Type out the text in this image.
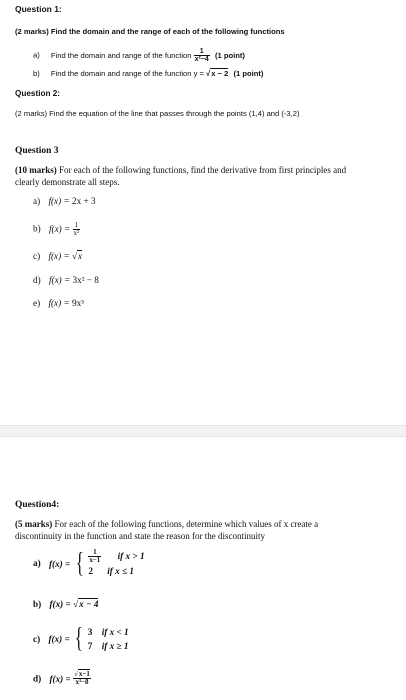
Question 1:
(2 marks) Find the domain and the range of each of the following functions
a) Find the domain and range of the function $\frac{1}{\text{x²−4}} (1$ point)
b) Find the domain and range of the function y = √x − 2 (1 point)
Question 2:
(2 marks) Find the equation of the line that passes through the points (1,4) and (-3,2)
Question 3
(10 marks) For each of the following functions, find the derivative from first principles and
clearly demonstrate all steps.
a) f(x) = 2x + 3
b) $f(x) = \frac{1}{\text{x²}}$
c) f(x) = √x
d) f(x) = 3x² − 8
e) f(x) = 9x³
Question4:
(5 marks) For each of the following functions, determine which values of x create a
discontinuity in the function and state the reason for the discontinuity
a) f(x) = { $\frac{1}{x-1}$ if x > 1
2 if x ≤ 1
b) f(x) = √x − 4
c) f(x) = { 3 if x < 1
7 if x ≥ 1
d) $f(x) = \frac{√x-1}{\text{x³−8}}$
